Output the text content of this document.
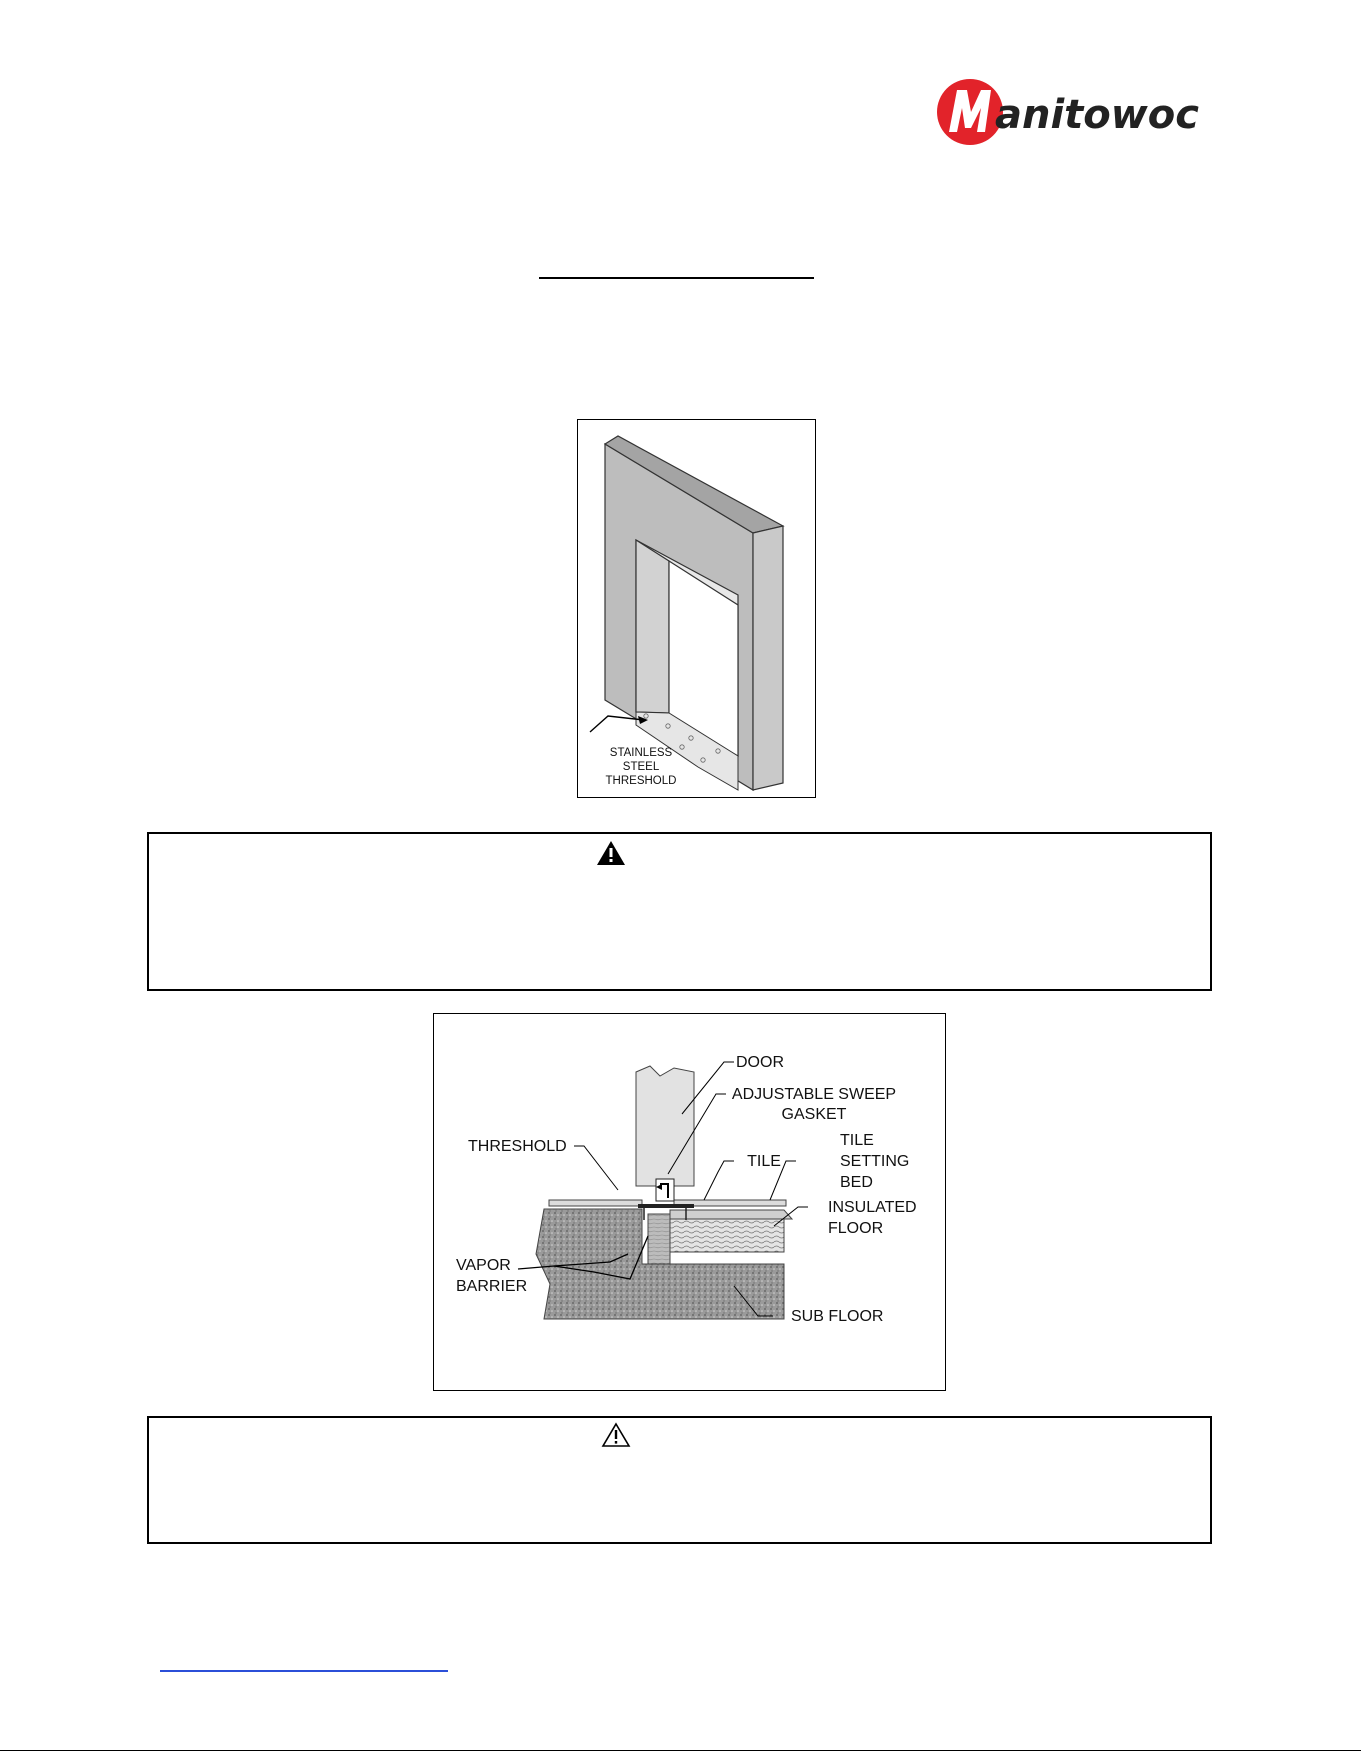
anitowoc
STAINLESS
STEEL
THRESHOLD
DOOR
ADJUSTABLE SWEEP
GASKET
THRESHOLD
TILE
TILE
SETTING
BED
INSULATED
FLOOR
VAPOR
BARRIER
SUB FLOOR
